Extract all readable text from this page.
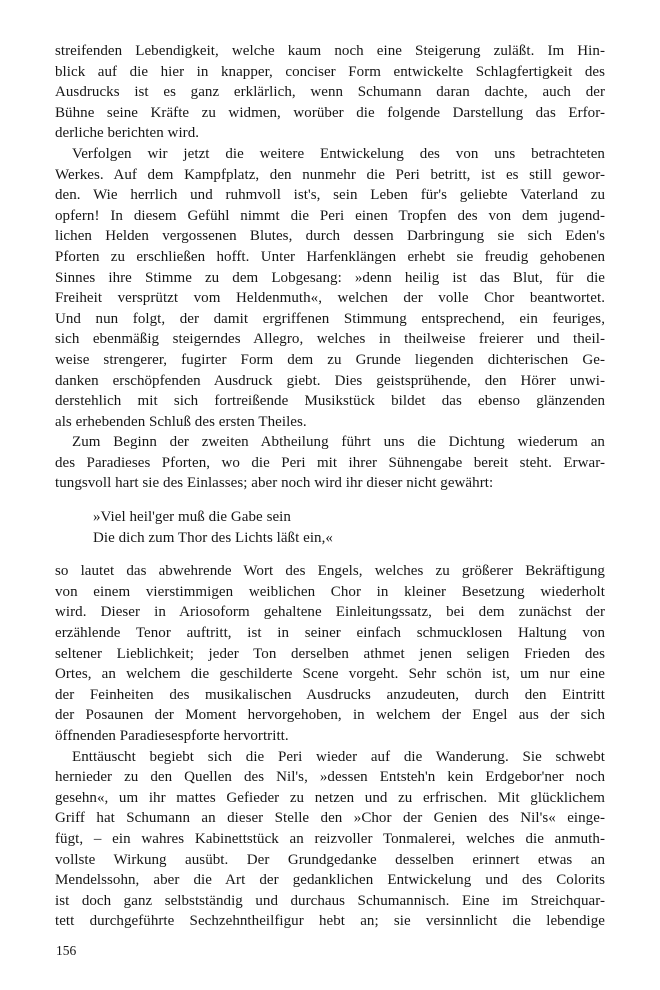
streifenden Lebendigkeit, welche kaum noch eine Steigerung zuläßt. Im Hin-
blick auf die hier in knapper, conciser Form entwickelte Schlagfertigkeit des
Ausdrucks ist es ganz erklärlich, wenn Schumann daran dachte, auch der
Bühne seine Kräfte zu widmen, worüber die folgende Darstellung das Erfor-
derliche berichten wird.
Verfolgen wir jetzt die weitere Entwickelung des von uns betrachteten
Werkes. Auf dem Kampfplatz, den nunmehr die Peri betritt, ist es still gewor-
den. Wie herrlich und ruhmvoll ist's, sein Leben für's geliebte Vaterland zu
opfern! In diesem Gefühl nimmt die Peri einen Tropfen des von dem jugend-
lichen Helden vergossenen Blutes, durch dessen Darbringung sie sich Eden's
Pforten zu erschließen hofft. Unter Harfenklängen erhebt sie freudig gehobenen
Sinnes ihre Stimme zu dem Lobgesang: »denn heilig ist das Blut, für die
Freiheit versprützt vom Heldenmuth«, welchen der volle Chor beantwortet.
Und nun folgt, der damit ergriffenen Stimmung entsprechend, ein feuriges,
sich ebenmäßig steigerndes Allegro, welches in theilweise freierer und theil-
weise strengerer, fugirter Form dem zu Grunde liegenden dichterischen Ge-
danken erschöpfenden Ausdruck giebt. Dies geistsprühende, den Hörer unwi-
derstehlich mit sich fortreißende Musikstück bildet das ebenso glänzenden
als erhebenden Schluß des ersten Theiles.
Zum Beginn der zweiten Abtheilung führt uns die Dichtung wiederum an
des Paradieses Pforten, wo die Peri mit ihrer Sühnengabe bereit steht. Erwar-
tungsvoll hart sie des Einlasses; aber noch wird ihr dieser nicht gewährt:
»Viel heil'ger muß die Gabe sein
Die dich zum Thor des Lichts läßt ein,«
so lautet das abwehrende Wort des Engels, welches zu größerer Bekräftigung
von einem vierstimmigen weiblichen Chor in kleiner Besetzung wiederholt
wird. Dieser in Ariosoform gehaltene Einleitungssatz, bei dem zunächst der
erzählende Tenor auftritt, ist in seiner einfach schmucklosen Haltung von
seltener Lieblichkeit; jeder Ton derselben athmet jenen seligen Frieden des
Ortes, an welchem die geschilderte Scene vorgeht. Sehr schön ist, um nur eine
der Feinheiten des musikalischen Ausdrucks anzudeuten, durch den Eintritt
der Posaunen der Moment hervorgehoben, in welchem der Engel aus der sich
öffnenden Paradiesespforte hervortritt.
Enttäuscht begiebt sich die Peri wieder auf die Wanderung. Sie schwebt
hernieder zu den Quellen des Nil's, »dessen Entsteh'n kein Erdgebor'ner noch
gesehn«, um ihr mattes Gefieder zu netzen und zu erfrischen. Mit glücklichem
Griff hat Schumann an dieser Stelle den »Chor der Genien des Nil's« einge-
fügt, – ein wahres Kabinettstück an reizvoller Tonmalerei, welches die anmuth-
vollste Wirkung ausübt. Der Grundgedanke desselben erinnert etwas an
Mendelssohn, aber die Art der gedanklichen Entwickelung und des Colorits
ist doch ganz selbstständig und durchaus Schumannisch. Eine im Streichquar-
tett durchgeführte Sechzehntheilfigur hebt an; sie versinnlicht die lebendige
156
